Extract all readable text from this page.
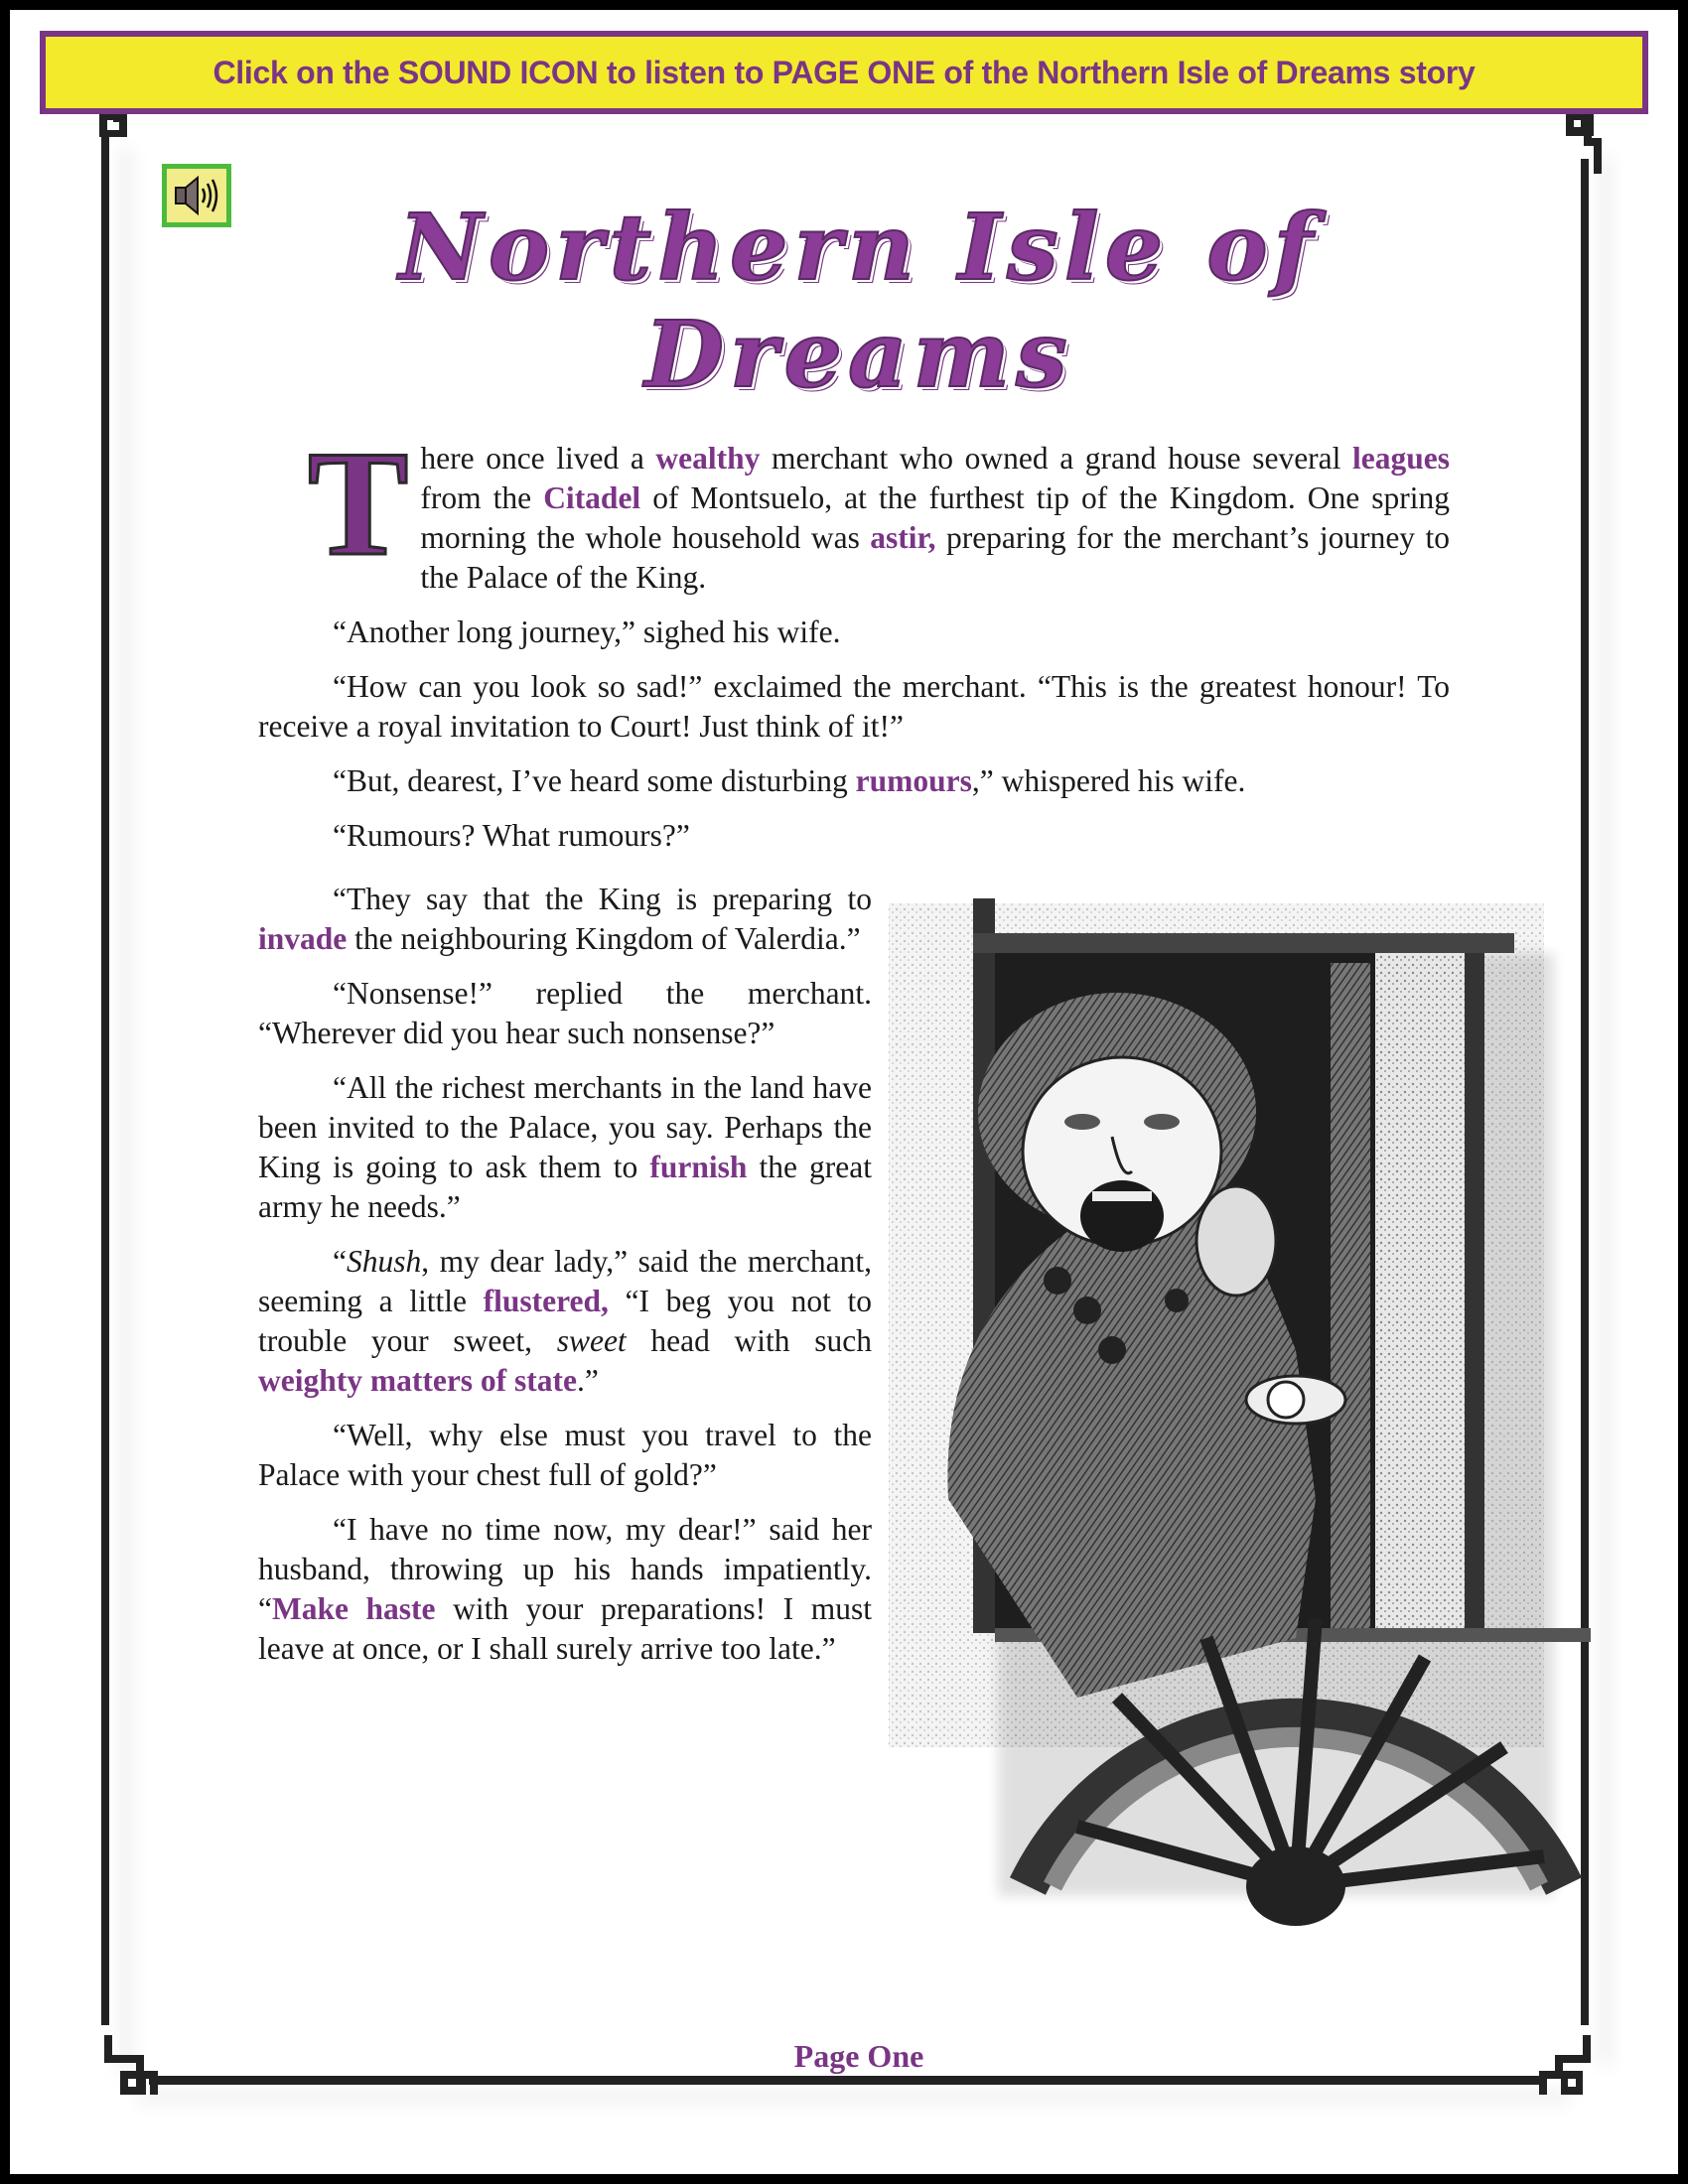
Click on the SOUND ICON to listen to PAGE ONE of the Northern Isle of Dreams story
Northern Isle of Dreams

There once lived a wealthy merchant who owned a grand house several leagues from the Citadel of Montsuelo, at the furthest tip of the Kingdom. One spring morning the whole household was astir, preparing for the merchant’s journey to the Palace of the King.

“Another long journey,” sighed his wife.

“How can you look so sad!” exclaimed the merchant. “This is the greatest honour! To receive a royal invitation to Court! Just think of it!”

“But, dearest, I’ve heard some disturbing rumours,” whispered his wife.

“Rumours? What rumours?”

“They say that the King is preparing to invade the neighbouring Kingdom of Valerdia.”

“Nonsense!” replied the merchant. “Wherever did you hear such nonsense?”

“All the richest merchants in the land have been invited to the Palace, you say. Perhaps the King is going to ask them to furnish the great army he needs.”

“Shush, my dear lady,” said the merchant, seeming a little flustered, “I beg you not to trouble your sweet, sweet head with such weighty matters of state.”

“Well, why else must you travel to the Palace with your chest full of gold?”

“I have no time now, my dear!” said her husband, throwing up his hands impatiently. “Make haste with your preparations! I must leave at once, or I shall surely arrive too late.”

Page One
